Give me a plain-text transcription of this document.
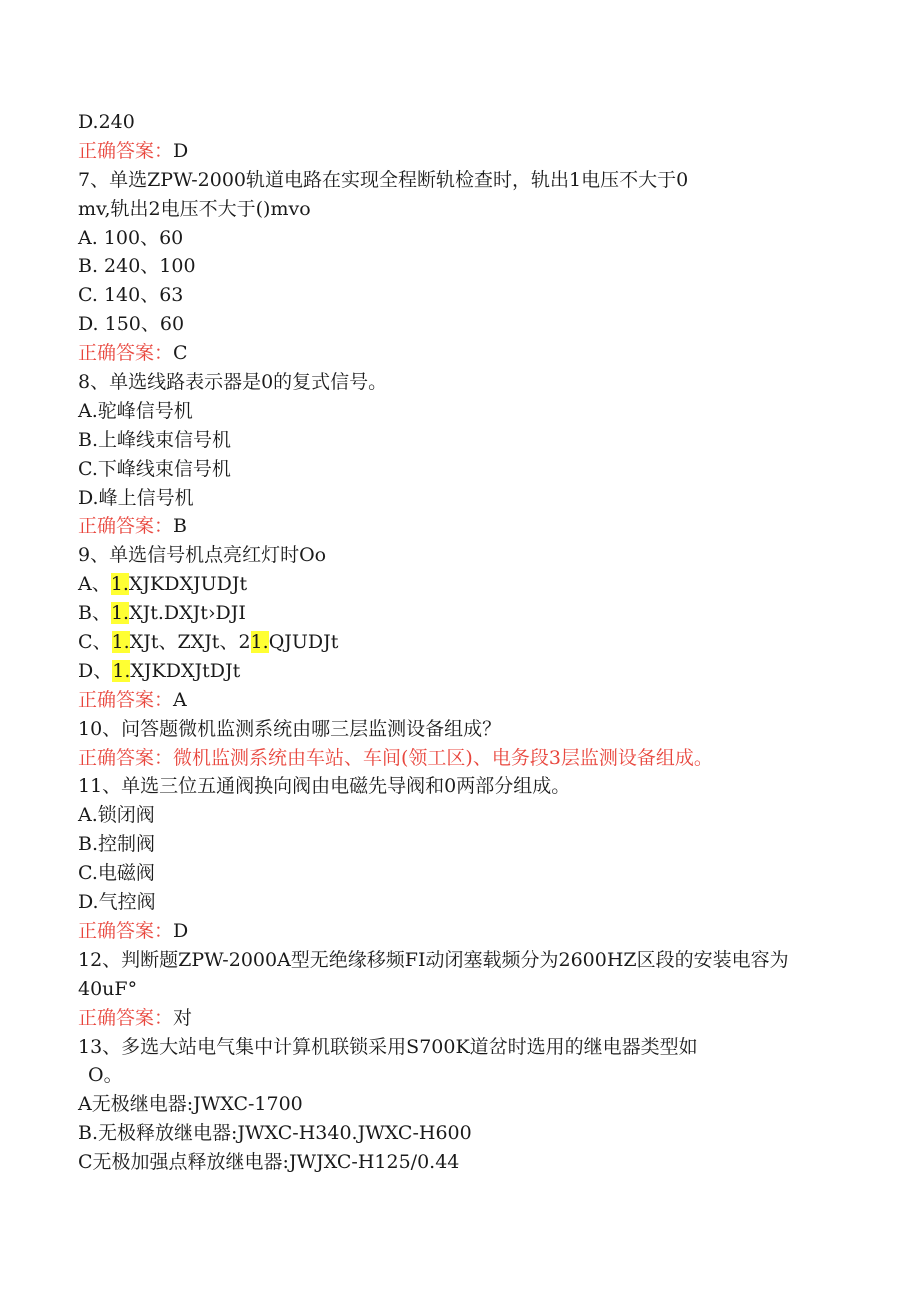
D.240
正确答案：D
7、单选ZPW-2000轨道电路在实现全程断轨检查时，轨出1电压不大于0
mv,轨出2电压不大于()mvo
A. 100、60
B. 240、100
C. 140、63
D. 150、60
正确答案：C
8、单选线路表示器是0的复式信号。
A.驼峰信号机
B.上峰线束信号机
C.下峰线束信号机
D.峰上信号机
正确答案：B
9、单选信号机点亮红灯时Oo
A、1.XJKDXJUDJt
B、1.XJt.DXJt›DJI
C、1.XJt、ZXJt、21.QJUDJt
D、1.XJKDXJtDJt
正确答案：A
10、问答题微机监测系统由哪三层监测设备组成？
正确答案：微机监测系统由车站、车间(领工区)、电务段3层监测设备组成。
11、单选三位五通阀换向阀由电磁先导阀和0两部分组成。
A.锁闭阀
B.控制阀
C.电磁阀
D.气控阀
正确答案：D
12、判断题ZPW-2000A型无绝缘移频FI动闭塞载频分为2600HZ区段的安装电容为
40uF°
正确答案：对
13、多选大站电气集中计算机联锁采用S700K道岔时选用的继电器类型如
O。
A无极继电器:JWXC-1700
B.无极释放继电器:JWXC-H340.JWXC-H600
C无极加强点释放继电器:JWJXC-H125/0.44
